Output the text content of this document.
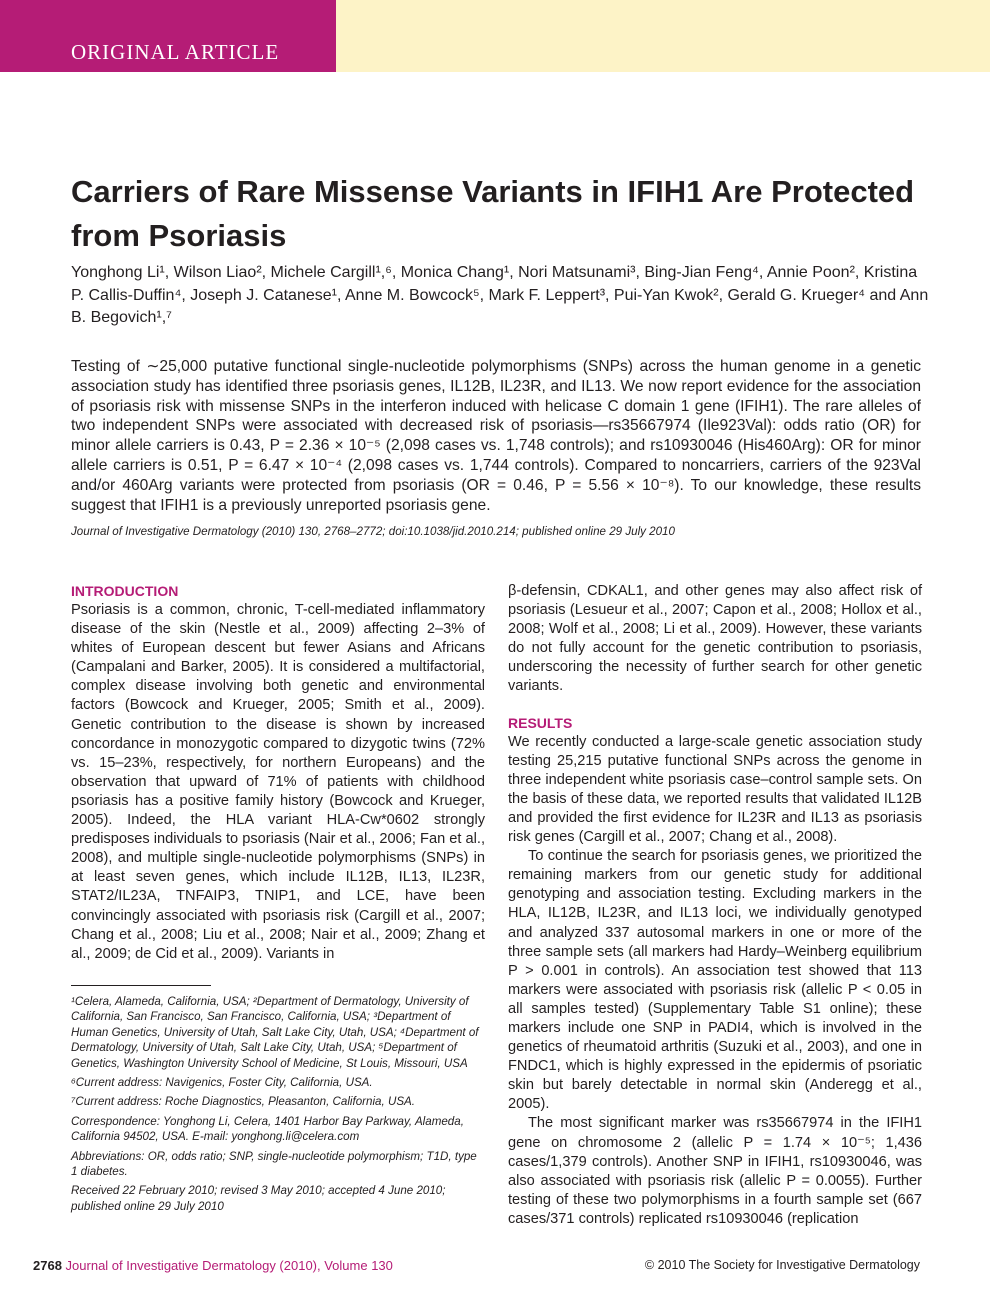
ORIGINAL ARTICLE
Carriers of Rare Missense Variants in IFIH1 Are Protected from Psoriasis
Yonghong Li¹, Wilson Liao², Michele Cargill¹,⁶, Monica Chang¹, Nori Matsunami³, Bing-Jian Feng⁴, Annie Poon², Kristina P. Callis-Duffin⁴, Joseph J. Catanese¹, Anne M. Bowcock⁵, Mark F. Leppert³, Pui-Yan Kwok², Gerald G. Krueger⁴ and Ann B. Begovich¹,⁷

Testing of ∼25,000 putative functional single-nucleotide polymorphisms (SNPs) across the human genome in a genetic association study has identified three psoriasis genes, IL12B, IL23R, and IL13. We now report evidence for the association of psoriasis risk with missense SNPs in the interferon induced with helicase C domain 1 gene (IFIH1). The rare alleles of two independent SNPs were associated with decreased risk of psoriasis—rs35667974 (Ile923Val): odds ratio (OR) for minor allele carriers is 0.43, P = 2.36 × 10⁻⁵ (2,098 cases vs. 1,748 controls); and rs10930046 (His460Arg): OR for minor allele carriers is 0.51, P = 6.47 × 10⁻⁴ (2,098 cases vs. 1,744 controls). Compared to noncarriers, carriers of the 923Val and/or 460Arg variants were protected from psoriasis (OR = 0.46, P = 5.56 × 10⁻⁸). To our knowledge, these results suggest that IFIH1 is a previously unreported psoriasis gene.

Journal of Investigative Dermatology (2010) 130, 2768–2772; doi:10.1038/jid.2010.214; published online 29 July 2010
INTRODUCTION

Psoriasis is a common, chronic, T-cell-mediated inflammatory disease of the skin (Nestle et al., 2009) affecting 2–3% of whites of European descent but fewer Asians and Africans (Campalani and Barker, 2005). It is considered a multifactorial, complex disease involving both genetic and environmental factors (Bowcock and Krueger, 2005; Smith et al., 2009). Genetic contribution to the disease is shown by increased concordance in monozygotic compared to dizygotic twins (72% vs. 15–23%, respectively, for northern Europeans) and the observation that upward of 71% of patients with childhood psoriasis has a positive family history (Bowcock and Krueger, 2005). Indeed, the HLA variant HLA-Cw*0602 strongly predisposes individuals to psoriasis (Nair et al., 2006; Fan et al., 2008), and multiple single-nucleotide polymorphisms (SNPs) in at least seven genes, which include IL12B, IL13, IL23R, STAT2/IL23A, TNFAIP3, TNIP1, and LCE, have been convincingly associated with psoriasis risk (Cargill et al., 2007; Chang et al., 2008; Liu et al., 2008; Nair et al., 2009; Zhang et al., 2009; de Cid et al., 2009). Variants in

¹Celera, Alameda, California, USA; ²Department of Dermatology, University of California, San Francisco, San Francisco, California, USA; ³Department of Human Genetics, University of Utah, Salt Lake City, Utah, USA; ⁴Department of Dermatology, University of Utah, Salt Lake City, Utah, USA; ⁵Department of Genetics, Washington University School of Medicine, St Louis, Missouri, USA

⁶Current address: Navigenics, Foster City, California, USA.

⁷Current address: Roche Diagnostics, Pleasanton, California, USA.

Correspondence: Yonghong Li, Celera, 1401 Harbor Bay Parkway, Alameda, California 94502, USA. E-mail: yonghong.li@celera.com

Abbreviations: OR, odds ratio; SNP, single-nucleotide polymorphism; T1D, type 1 diabetes.

Received 22 February 2010; revised 3 May 2010; accepted 4 June 2010; published online 29 July 2010

β-defensin, CDKAL1, and other genes may also affect risk of psoriasis (Lesueur et al., 2007; Capon et al., 2008; Hollox et al., 2008; Wolf et al., 2008; Li et al., 2009). However, these variants do not fully account for the genetic contribution to psoriasis, underscoring the necessity of further search for other genetic variants.

RESULTS

We recently conducted a large-scale genetic association study testing 25,215 putative functional SNPs across the genome in three independent white psoriasis case–control sample sets. On the basis of these data, we reported results that validated IL12B and provided the first evidence for IL23R and IL13 as psoriasis risk genes (Cargill et al., 2007; Chang et al., 2008).

To continue the search for psoriasis genes, we prioritized the remaining markers from our genetic study for additional genotyping and association testing. Excluding markers in the HLA, IL12B, IL23R, and IL13 loci, we individually genotyped and analyzed 337 autosomal markers in one or more of the three sample sets (all markers had Hardy–Weinberg equilibrium P > 0.001 in controls). An association test showed that 113 markers were associated with psoriasis risk (allelic P < 0.05 in all samples tested) (Supplementary Table S1 online); these markers include one SNP in PADI4, which is involved in the genetics of rheumatoid arthritis (Suzuki et al., 2003), and one in FNDC1, which is highly expressed in the epidermis of psoriatic skin but barely detectable in normal skin (Anderegg et al., 2005).

The most significant marker was rs35667974 in the IFIH1 gene on chromosome 2 (allelic P = 1.74 × 10⁻⁵; 1,436 cases/1,379 controls). Another SNP in IFIH1, rs10930046, was also associated with psoriasis risk (allelic P = 0.0055). Further testing of these two polymorphisms in a fourth sample set (667 cases/371 controls) replicated rs10930046 (replication

2768 Journal of Investigative Dermatology (2010), Volume 130	© 2010 The Society for Investigative Dermatology
